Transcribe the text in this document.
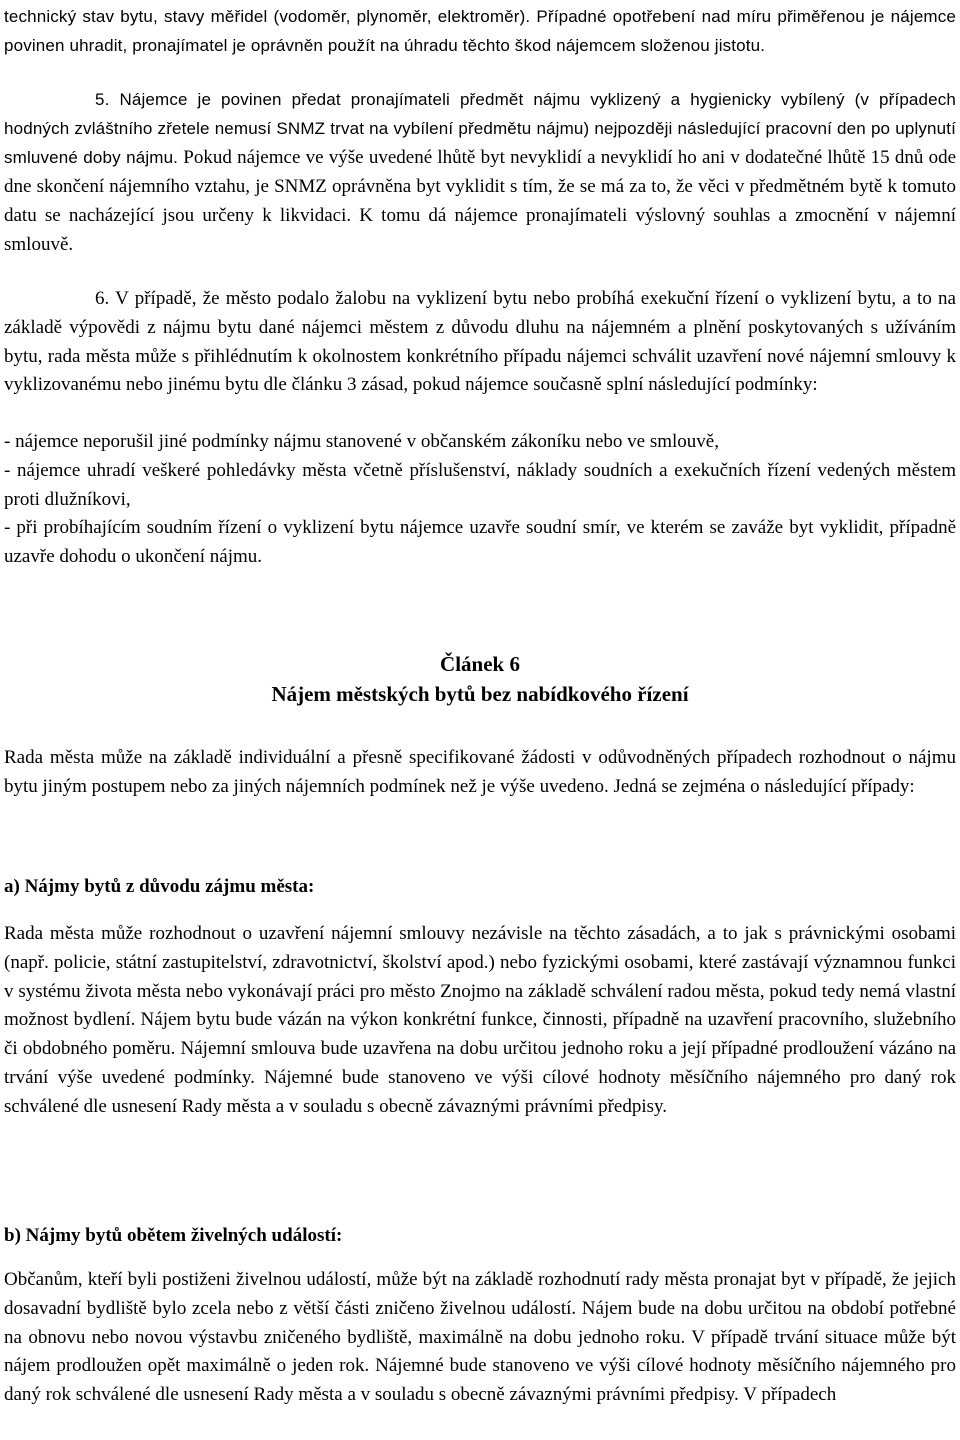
technický stav bytu, stavy měřidel (vodoměr, plynoměr, elektroměr). Případné opotřebení nad míru přiměřenou je nájemce povinen uhradit, pronajímatel je oprávněn použít na úhradu těchto škod nájemcem složenou jistotu.

5. Nájemce je povinen předat pronajímateli předmět nájmu vyklizený a hygienicky vybílený (v případech hodných zvláštního zřetele nemusí SNMZ trvat na vybílení předmětu nájmu) nejpozději následující pracovní den po uplynutí smluvené doby nájmu. Pokud nájemce ve výše uvedené lhůtě byt nevyklidí a nevyklidí ho ani v dodatečné lhůtě 15 dnů ode dne skončení nájemního vztahu, je SNMZ oprávněna byt vyklidit s tím, že se má za to, že věci v předmětném bytě k tomuto datu se nacházející jsou určeny k likvidaci. K tomu dá nájemce pronajímateli výslovný souhlas a zmocnění v nájemní smlouvě.

6. V případě, že město podalo žalobu na vyklizení bytu nebo probíhá exekuční řízení o vyklizení bytu, a to na základě výpovědi z nájmu bytu dané nájemci městem z důvodu dluhu na nájemném a plnění poskytovaných s užíváním bytu, rada města může s přihlédnutím k okolnostem konkrétního případu nájemci schválit uzavření nové nájemní smlouvy k vyklizovanému nebo jinému bytu dle článku 3 zásad, pokud nájemce současně splní následující podmínky:

- nájemce neporušil jiné podmínky nájmu stanovené v občanském zákoníku nebo ve smlouvě,

- nájemce uhradí veškeré pohledávky města včetně příslušenství, náklady soudních a exekučních řízení vedených městem proti dlužníkovi,

- při probíhajícím soudním řízení o vyklizení bytu nájemce uzavře soudní smír, ve kterém se zaváže byt vyklidit, případně uzavře dohodu o ukončení nájmu.

Článek 6
Nájem městských bytů bez nabídkového řízení

Rada města může na základě individuální a přesně specifikované žádosti v odůvodněných případech rozhodnout o nájmu bytu jiným postupem nebo za jiných nájemních podmínek než je výše uvedeno. Jedná se zejména o následující případy:

a) Nájmy bytů z důvodu zájmu města:

Rada města může rozhodnout o uzavření nájemní smlouvy nezávisle na těchto zásadách, a to jak s právnickými osobami (např. policie, státní zastupitelství, zdravotnictví, školství apod.) nebo fyzickými osobami, které zastávají významnou funkci v systému života města nebo vykonávají práci pro město Znojmo na základě schválení radou města, pokud tedy nemá vlastní možnost bydlení. Nájem bytu bude vázán na výkon konkrétní funkce, činnosti, případně na uzavření pracovního, služebního či obdobného poměru. Nájemní smlouva bude uzavřena na dobu určitou jednoho roku a její případné prodloužení vázáno na trvání výše uvedené podmínky. Nájemné bude stanoveno ve výši cílové hodnoty měsíčního nájemného pro daný rok schválené dle usnesení Rady města a v souladu s obecně závaznými právními předpisy.

b) Nájmy bytů obětem živelných událostí:

Občanům, kteří byli postiženi živelnou událostí, může být na základě rozhodnutí rady města pronajat byt v případě, že jejich dosavadní bydliště bylo zcela nebo z větší části zničeno živelnou událostí. Nájem bude na dobu určitou na období potřebné na obnovu nebo novou výstavbu zničeného bydliště, maximálně na dobu jednoho roku. V případě trvání situace může být nájem prodloužen opět maximálně o jeden rok. Nájemné bude stanoveno ve výši cílové hodnoty měsíčního nájemného pro daný rok schválené dle usnesení Rady města a v souladu s obecně závaznými právními předpisy. V případech
